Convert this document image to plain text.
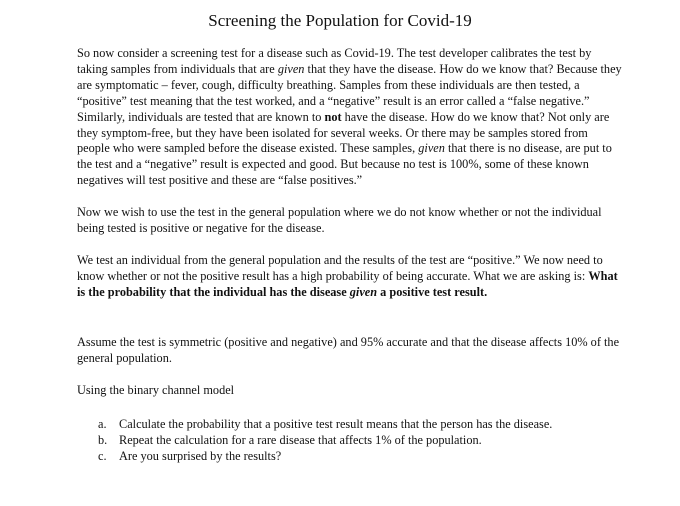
Screening the Population for Covid-19

So now consider a screening test for a disease such as Covid-19. The test developer calibrates the test by taking samples from individuals that are given that they have the disease. How do we know that? Because they are symptomatic – fever, cough, difficulty breathing. Samples from these individuals are then tested, a “positive” test meaning that the test worked, and a “negative” result is an error called a “false negative.” Similarly, individuals are tested that are known to not have the disease. How do we know that? Not only are they symptom-free, but they have been isolated for several weeks. Or there may be samples stored from people who were sampled before the disease existed. These samples, given that there is no disease, are put to the test and a “negative” result is expected and good. But because no test is 100%, some of these known negatives will test positive and these are “false positives.”

Now we wish to use the test in the general population where we do not know whether or not the individual being tested is positive or negative for the disease.

We test an individual from the general population and the results of the test are “positive.” We now need to know whether or not the positive result has a high probability of being accurate. What we are asking is: What is the probability that the individual has the disease given a positive test result.

Assume the test is symmetric (positive and negative) and 95% accurate and that the disease affects 10% of the general population.

Using the binary channel model

a. Calculate the probability that a positive test result means that the person has the disease.
b. Repeat the calculation for a rare disease that affects 1% of the population.
c. Are you surprised by the results?
